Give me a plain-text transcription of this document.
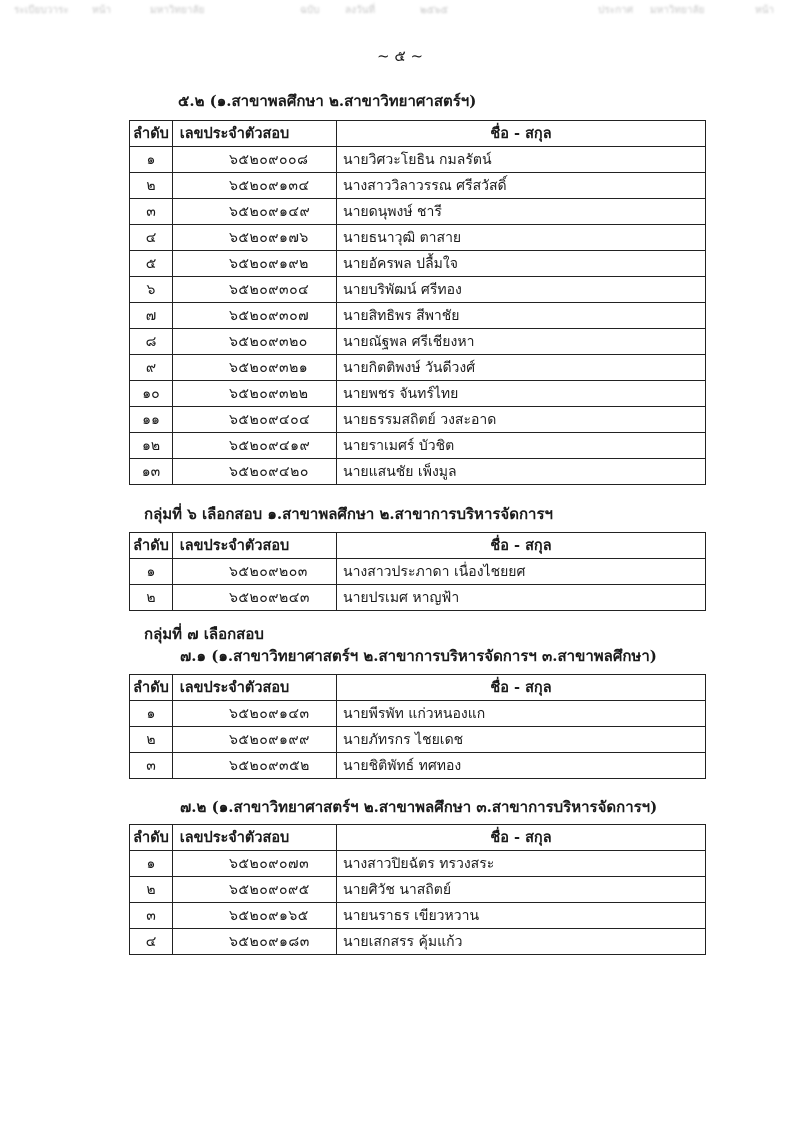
ระเบียบวาระ หน้า	มหาวิทยาลัย	ฉบับ	ลงวันที่	๒๕๖๕	ประกาศ มหาวิทยาลัย	หน้า
~ ๕ ~
๕.๒ (๑.สาขาพลศึกษา ๒.สาขาวิทยาศาสตร์ฯ)
ลำดับ	เลขประจำตัวสอบ	ชื่อ - สกุล
๑	๖๕๒๐๙๐๐๘	นายวิศวะโยธิน กมลรัตน์
๒	๖๕๒๐๙๑๓๔	นางสาววิลาวรรณ ศรีสวัสดิ์
๓	๖๕๒๐๙๑๔๙	นายดนุพงษ์ ชารี
๔	๖๕๒๐๙๑๗๖	นายธนาวุฒิ ตาสาย
๕	๖๕๒๐๙๑๙๒	นายอัครพล ปลื้มใจ
๖	๖๕๒๐๙๓๐๔	นายบริพัฒน์ ศรีทอง
๗	๖๕๒๐๙๓๐๗	นายสิทธิพร สีพาชัย
๘	๖๕๒๐๙๓๒๐	นายณัฐพล ศรีเชียงหา
๙	๖๕๒๐๙๓๒๑	นายกิตติพงษ์ วันดีวงศ์
๑๐	๖๕๒๐๙๓๒๒	นายพชร จันทร์ไทย
๑๑	๖๕๒๐๙๔๐๔	นายธรรมสถิตย์ วงสะอาด
๑๒	๖๕๒๐๙๔๑๙	นายราเมศร์ บัวชิต
๑๓	๖๕๒๐๙๔๒๐	นายแสนชัย เพ็งมูล
กลุ่มที่ ๖ เลือกสอบ ๑.สาขาพลศึกษา ๒.สาขาการบริหารจัดการฯ
ลำดับ	เลขประจำตัวสอบ	ชื่อ - สกุล
๑	๖๕๒๐๙๒๐๓	นางสาวประภาดา เนื่องไชยยศ
๒	๖๕๒๐๙๒๔๓	นายปรเมศ หาญฟ้า
กลุ่มที่ ๗ เลือกสอบ
๗.๑ (๑.สาขาวิทยาศาสตร์ฯ ๒.สาขาการบริหารจัดการฯ ๓.สาขาพลศึกษา)
ลำดับ	เลขประจำตัวสอบ	ชื่อ - สกุล
๑	๖๕๒๐๙๑๔๓	นายพีรพัท แก่วหนองแก
๒	๖๕๒๐๙๑๙๙	นายภัทรกร ไชยเดช
๓	๖๕๒๐๙๓๕๒	นายชิติพัทธ์ ทศทอง
๗.๒ (๑.สาขาวิทยาศาสตร์ฯ ๒.สาขาพลศึกษา ๓.สาขาการบริหารจัดการฯ)
ลำดับ	เลขประจำตัวสอบ	ชื่อ - สกุล
๑	๖๕๒๐๙๐๗๓	นางสาวปิยฉัตร ทรวงสระ
๒	๖๕๒๐๙๐๙๕	นายศิวัช นาสถิตย์
๓	๖๕๒๐๙๑๖๕	นายนราธร เขียวหวาน
๔	๖๕๒๐๙๑๘๓	นายเสกสรร คุ้มแก้ว
